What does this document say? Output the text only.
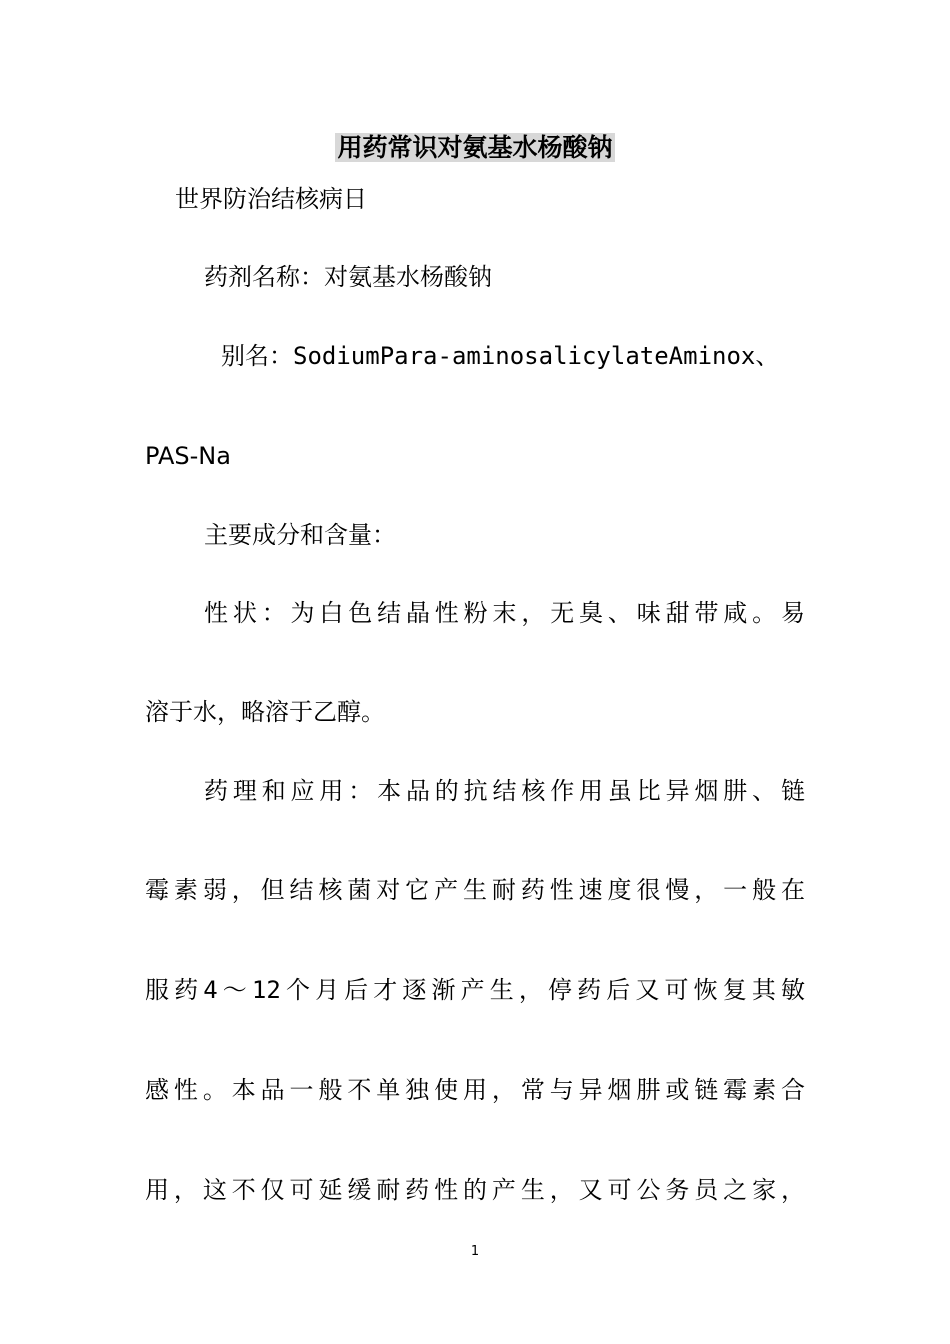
用药常识对氨基水杨酸钠
世界防治结核病日
药剂名称：对氨基水杨酸钠
别名：SodiumPara-aminosalicylateAminox、
PAS-Na
主要成分和含量：
性状：为白色结晶性粉末，无臭、味甜带咸。易
溶于水，略溶于乙醇。
药理和应用：本品的抗结核作用虽比异烟肼、链
霉素弱，但结核菌对它产生耐药性速度很慢，一般在
服药4～12个月后才逐渐产生，停药后又可恢复其敏
感性。本品一般不单独使用，常与异烟肼或链霉素合
用，这不仅可延缓耐药性的产生，又可公务员之家，
1
